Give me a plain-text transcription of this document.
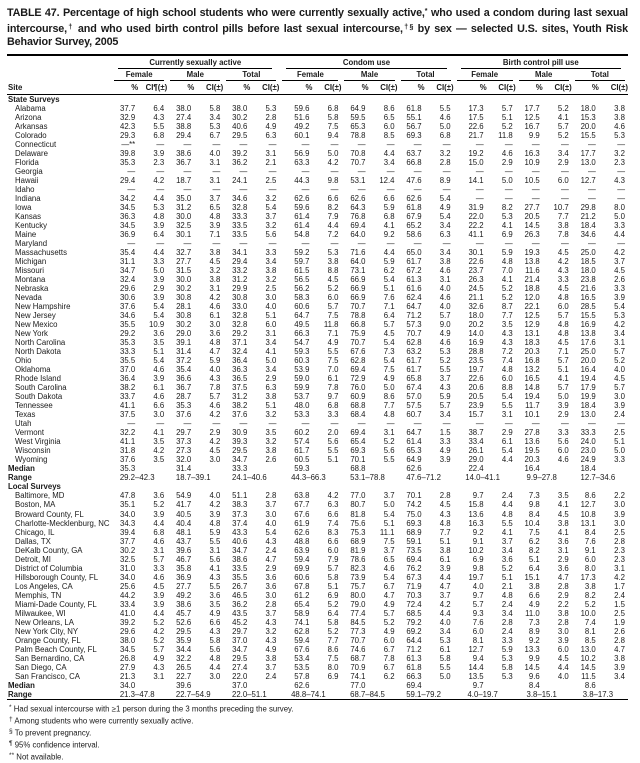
TABLE 47. Percentage of high school students who were currently sexually active,* who used a condom during last sexual intercourse,† and who used birth control pills before last sexual intercourse,†§ by sex — selected U.S. sites, Youth Risk Behavior Survey, 2005
Site	Currently sexually active						Condom use						Birth control pill use					

	Female		Male		Total		Female		Male		Total		Female		Male		Total	

	%	CI¶(±)	%	CI(±)	%	CI(±)	%	CI(±)	%	CI(±)	%	CI(±)	%	CI(±)	%	CI(±)	%	CI(±)
State Surveys																		
Alabama	37.7	6.4	38.0	5.8	38.0	5.3	59.6	6.8	64.9	8.6	61.8	5.5	17.3	5.7	17.7	5.2	18.0	3.8
Arizona	32.9	4.3	27.4	3.4	30.2	2.8	51.6	5.8	59.5	6.5	55.1	4.6	17.5	5.1	12.5	4.1	15.3	3.8
Arkansas	42.3	5.5	38.8	5.3	40.6	4.9	49.2	7.5	65.3	6.0	56.7	5.0	22.6	5.2	16.7	5.7	20.0	4.6
Colorado	29.3	6.8	29.4	6.7	29.5	6.3	60.1	9.4	78.8	8.5	69.3	6.8	21.7	11.8	9.9	5.2	15.5	5.3
Connecticut	—**	—	—	—	—	—	—	—	—	—	—	—	—	—	—	—	—	—
Delaware	39.8	3.9	38.6	4.0	39.2	3.1	56.9	5.0	70.8	4.4	63.7	3.2	19.2	4.6	16.3	3.4	17.7	3.2
Florida	35.3	2.3	36.7	3.1	36.2	2.1	63.3	4.2	70.7	3.4	66.8	2.8	15.0	2.9	10.9	2.9	13.0	2.3
Georgia	—	—	—	—	—	—	—	—	—	—	—	—	—	—	—	—	—	—
Hawaii	29.4	4.2	18.7	3.1	24.1	2.5	44.3	9.8	53.1	12.4	47.6	8.9	14.1	5.0	10.5	6.0	12.7	4.3
Idaho	—	—	—	—	—	—	—	—	—	—	—	—	—	—	—	—	—	—
Indiana	34.2	4.4	35.0	3.7	34.6	3.2	62.6	6.6	62.6	6.6	62.6	5.4	—	—	—	—	—	—
Iowa	34.5	5.3	31.2	6.5	32.8	5.4	59.6	8.2	64.3	5.9	61.8	4.9	31.9	8.2	27.7	10.7	29.8	8.0
Kansas	36.3	4.8	30.0	4.8	33.3	3.7	61.4	7.9	76.8	6.8	67.9	5.4	22.0	5.3	20.5	7.7	21.2	5.0
Kentucky	34.5	3.9	32.5	3.9	33.5	3.2	61.4	4.4	69.4	4.1	65.2	3.4	22.2	4.1	14.5	3.8	18.4	3.3
Maine	36.9	6.4	30.1	7.1	33.5	5.6	54.8	7.2	64.0	9.2	58.6	6.3	41.1	6.9	26.3	7.8	34.6	4.4
Maryland	—	—	—	—	—	—	—	—	—	—	—	—	—	—	—	—	—	—
Massachusetts	35.4	4.4	32.7	3.8	34.1	3.3	59.2	5.3	71.6	4.4	65.0	3.4	30.1	5.9	19.3	4.5	25.0	4.2
Michigan	31.1	3.3	27.7	4.5	29.4	3.4	59.7	3.8	64.0	5.9	61.7	3.8	22.6	4.8	13.8	4.2	18.5	3.7
Missouri	34.7	5.0	31.5	3.2	33.2	3.8	61.5	8.8	73.1	6.2	67.2	4.6	23.7	7.0	11.6	4.3	18.0	4.5
Montana	32.4	3.9	30.0	3.8	31.2	3.2	56.5	4.5	66.9	5.4	61.3	3.1	26.3	4.1	21.4	3.3	23.8	2.6
Nebraska	29.6	2.9	30.2	3.1	29.9	2.5	56.2	5.2	66.9	5.1	61.6	4.0	24.5	5.2	18.8	4.5	21.6	3.3
Nevada	30.6	3.9	30.8	4.2	30.8	3.0	58.3	6.0	66.9	7.6	62.4	4.6	21.1	5.2	12.0	4.8	16.5	3.9
New Hampshire	37.6	5.4	28.1	4.6	33.0	4.0	60.6	5.7	70.7	7.1	64.7	4.0	32.6	8.7	22.1	6.0	28.5	5.4
New Jersey	34.6	5.4	30.8	6.1	32.8	5.1	64.7	7.5	78.8	6.4	71.2	5.7	18.0	7.7	12.5	5.7	15.5	5.3
New Mexico	35.5	10.9	30.2	3.0	32.8	6.0	49.5	11.8	66.8	5.7	57.3	9.0	20.2	3.5	12.9	4.8	16.9	4.2
New York	29.2	3.6	29.0	3.6	29.2	3.1	66.3	7.1	75.9	4.5	70.7	4.9	14.0	4.3	13.1	4.8	13.8	3.4
North Carolina	35.3	3.5	39.1	4.8	37.1	3.4	54.7	4.9	70.7	5.4	62.8	4.6	16.9	4.3	18.3	4.5	17.6	3.1
North Dakota	33.3	5.1	31.4	4.7	32.4	4.1	59.3	5.5	67.6	7.3	63.2	5.3	28.8	7.2	20.3	7.1	25.0	5.7
Ohio	35.5	5.4	37.2	5.9	36.4	5.0	60.3	7.5	62.8	5.4	61.7	5.2	23.5	7.4	16.8	5.7	20.0	5.2
Oklahoma	37.0	4.6	35.4	4.0	36.3	3.4	53.9	7.0	69.4	7.5	61.7	5.5	19.7	4.8	13.2	5.1	16.4	4.0
Rhode Island	36.4	3.9	36.6	4.3	36.5	2.9	59.0	6.1	72.9	4.9	65.8	3.7	22.6	6.0	16.5	4.1	19.4	4.5
South Carolina	38.2	6.1	36.7	7.8	37.5	6.3	59.9	7.8	76.0	5.0	67.4	4.3	20.6	8.8	14.8	5.7	17.9	5.7
South Dakota	33.7	4.6	28.7	5.7	31.2	3.8	53.7	9.7	60.9	8.6	57.0	5.9	20.5	5.4	19.4	5.0	19.9	3.0
Tennessee	41.1	6.6	35.3	4.6	38.2	5.1	48.0	6.8	68.8	7.7	57.5	5.7	23.9	5.5	11.7	3.9	18.4	3.9
Texas	37.5	3.0	37.6	4.2	37.6	3.2	53.3	3.3	68.4	4.8	60.7	3.4	15.7	3.1	10.1	2.9	13.0	2.4
Utah	—	—	—	—	—	—	—	—	—	—	—	—	—	—	—	—	—	—
Vermont	32.2	4.1	29.7	2.9	30.9	3.5	60.2	2.0	69.4	3.1	64.7	1.5	38.7	2.9	27.8	3.3	33.3	2.5
West Virginia	41.1	3.5	37.3	4.2	39.3	3.2	57.4	5.6	65.4	5.2	61.4	3.3	33.4	6.1	13.6	5.6	24.0	5.1
Wisconsin	31.8	4.2	27.3	4.5	29.5	3.8	61.7	5.5	69.3	5.6	65.3	4.9	26.1	5.4	19.5	6.0	23.0	5.0
Wyoming	37.6	3.5	32.0	3.0	34.7	2.6	60.5	5.1	70.1	5.5	64.9	3.9	29.0	4.4	20.3	4.6	24.9	3.3
Median	35.3		31.4		33.3		59.3		68.8		62.6		22.4		16.4		18.4	
Range	29.2–42.3		18.7–39.1		24.1–40.6		44.3–66.3		53.1–78.8		47.6–71.2		14.0–41.1		9.9–27.8		12.7–34.6	
Local Surveys																		
Baltimore, MD	47.8	3.6	54.9	4.0	51.1	2.8	63.8	4.2	77.0	3.7	70.1	2.8	9.7	2.4	7.3	3.5	8.6	2.2
Boston, MA	35.1	5.2	41.7	4.2	38.3	3.7	67.7	6.3	80.7	5.0	74.2	4.5	15.8	4.4	9.8	4.1	12.7	3.0
Broward County, FL	34.0	3.9	40.5	3.9	37.3	3.0	67.6	6.6	81.8	5.4	75.0	4.3	13.6	4.8	8.4	4.5	10.8	3.9
Charlotte-Mecklenburg, NC	34.3	4.4	40.4	4.8	37.4	4.0	61.9	7.4	75.6	5.1	69.3	4.8	16.3	5.5	10.4	3.8	13.1	3.0
Chicago, IL	39.4	6.8	48.1	5.9	43.3	5.4	62.6	8.3	75.3	11.1	68.9	7.7	9.2	4.1	7.5	4.1	8.4	2.5
Dallas, TX	37.7	4.6	43.7	5.5	40.6	4.3	48.8	6.6	68.9	7.5	59.1	5.1	9.1	3.7	6.2	3.6	7.6	2.8
DeKalb County, GA	30.2	3.1	39.6	3.1	34.7	2.4	63.9	6.0	81.9	3.7	73.5	3.8	10.2	3.4	8.2	3.1	9.1	2.3
Detroit, MI	32.5	5.7	46.7	5.6	38.6	4.7	59.4	7.9	78.6	6.5	69.4	6.1	6.9	3.6	5.1	2.9	6.0	2.3
District of Columbia	31.0	3.3	35.8	4.1	33.5	2.9	69.9	5.7	82.3	4.6	76.2	3.9	9.8	5.2	6.4	3.6	8.0	3.1
Hillsborough County, FL	34.0	4.6	36.9	4.3	35.5	3.6	60.6	5.8	73.9	5.4	67.3	4.4	19.7	5.1	15.1	4.7	17.3	4.2
Los Angeles, CA	25.6	4.5	27.7	5.5	26.7	3.6	67.8	5.1	75.7	6.7	71.9	4.7	4.0	2.1	3.8	2.8	3.8	1.7
Memphis, TN	44.2	3.9	49.2	3.6	46.5	3.0	61.2	6.9	80.0	4.7	70.3	3.7	9.7	4.8	6.6	2.9	8.2	2.4
Miami-Dade County, FL	33.4	3.9	38.6	3.5	36.2	2.8	65.4	5.2	79.0	4.9	72.4	4.2	5.7	2.4	4.9	2.2	5.2	1.5
Milwaukee, WI	41.0	4.4	45.7	4.9	43.5	3.7	58.9	6.4	77.4	5.7	68.5	4.4	9.3	3.4	11.0	3.8	10.0	2.5
New Orleans, LA	39.2	5.2	52.6	6.6	45.2	4.3	74.1	5.8	84.5	5.2	79.2	4.0	7.6	2.8	7.3	2.8	7.4	1.9
New York City, NY	29.6	4.2	29.5	4.3	29.7	3.2	62.8	5.2	77.3	4.9	69.2	3.4	6.0	2.4	8.9	3.0	8.1	2.6
Orange County, FL	38.0	5.2	35.9	5.8	37.0	4.3	59.4	7.7	70.7	6.0	64.4	5.3	8.1	3.3	9.2	3.9	8.5	2.8
Palm Beach County, FL	34.5	5.7	34.4	5.6	34.7	4.9	67.6	8.6	74.6	6.7	71.2	6.1	12.7	5.9	13.3	6.0	13.0	4.7
San Bernardino, CA	26.8	4.9	32.2	4.8	29.5	3.8	53.4	7.5	68.7	7.8	61.3	5.8	9.4	5.3	9.9	4.5	10.2	3.8
San Diego, CA	27.9	4.3	26.5	4.4	27.4	3.7	53.5	8.0	70.9	6.7	61.8	5.5	14.4	5.8	14.5	4.4	14.5	3.9
San Francisco, CA	21.3	3.1	22.7	3.0	22.0	2.4	57.8	6.9	74.1	6.2	66.3	5.0	13.5	5.3	9.6	4.0	11.5	3.4
Median	34.0		39.6		37.0		62.6		77.0		69.4		9.7		8.4		8.6	
Range	21.3–47.8		22.7–54.9		22.0–51.1		48.8–74.1		68.7–84.5		59.1–79.2		4.0–19.7		3.8–15.1		3.8–17.3	
* Had sexual intercourse with ≥1 person during the 3 months preceding the survey.
† Among students who were currently sexually active.
§ To prevent pregnancy.
¶ 95% confidence interval.
** Not available.
